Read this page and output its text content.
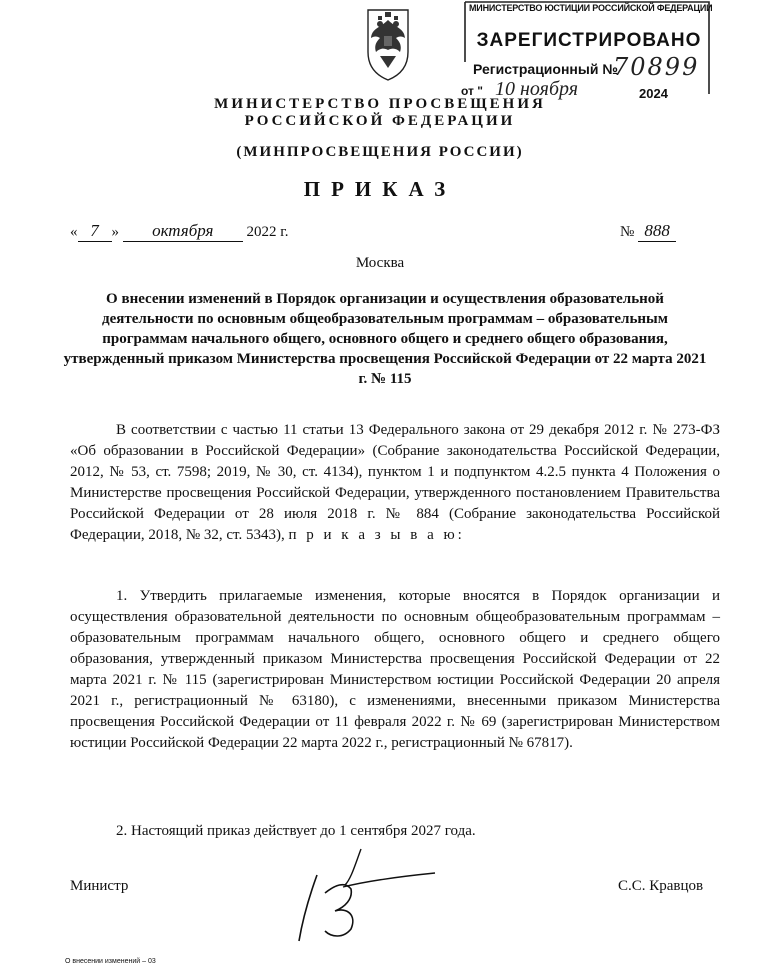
МИНИСТЕРСТВО ЮСТИЦИИ РОССИЙСКОЙ ФЕДЕРАЦИИ
ЗАРЕГИСТРИРОВАНО
Регистрационный №
70899
от " 10 ноября	2024
МИНИСТЕРСТВО ПРОСВЕЩЕНИЯ
РОССИЙСКОЙ ФЕДЕРАЦИИ
(МИНПРОСВЕЩЕНИЯ РОССИИ)
ПРИКАЗ
« 7 » октября 2022 г.	№ 888
Москва
О внесении изменений в Порядок организации и осуществления образовательной деятельности по основным общеобразовательным программам – образовательным программам начального общего, основного общего и среднего общего образования, утвержденный приказом Министерства просвещения Российской Федерации от 22 марта 2021 г. № 115
В соответствии с частью 11 статьи 13 Федерального закона от 29 декабря 2012 г. № 273-ФЗ «Об образовании в Российской Федерации» (Собрание законодательства Российской Федерации, 2012, № 53, ст. 7598; 2019, № 30, ст. 4134), пунктом 1 и подпунктом 4.2.5 пункта 4 Положения о Министерстве просвещения Российской Федерации, утвержденного постановлением Правительства Российской Федерации от 28 июля 2018 г. № 884 (Собрание законодательства Российской Федерации, 2018, № 32, ст. 5343), п р и к а з ы в а ю:
1. Утвердить прилагаемые изменения, которые вносятся в Порядок организации и осуществления образовательной деятельности по основным общеобразовательным программам – образовательным программам начального общего, основного общего и среднего общего образования, утвержденный приказом Министерства просвещения Российской Федерации от 22 марта 2021 г. № 115 (зарегистрирован Министерством юстиции Российской Федерации 20 апреля 2021 г., регистрационный № 63180), с изменениями, внесенными приказом Министерства просвещения Российской Федерации от 11 февраля 2022 г. № 69 (зарегистрирован Министерством юстиции Российской Федерации 22 марта 2022 г., регистрационный № 67817).
2. Настоящий приказ действует до 1 сентября 2027 года.
Министр	С.С. Кравцов
О внесении изменений – 03
